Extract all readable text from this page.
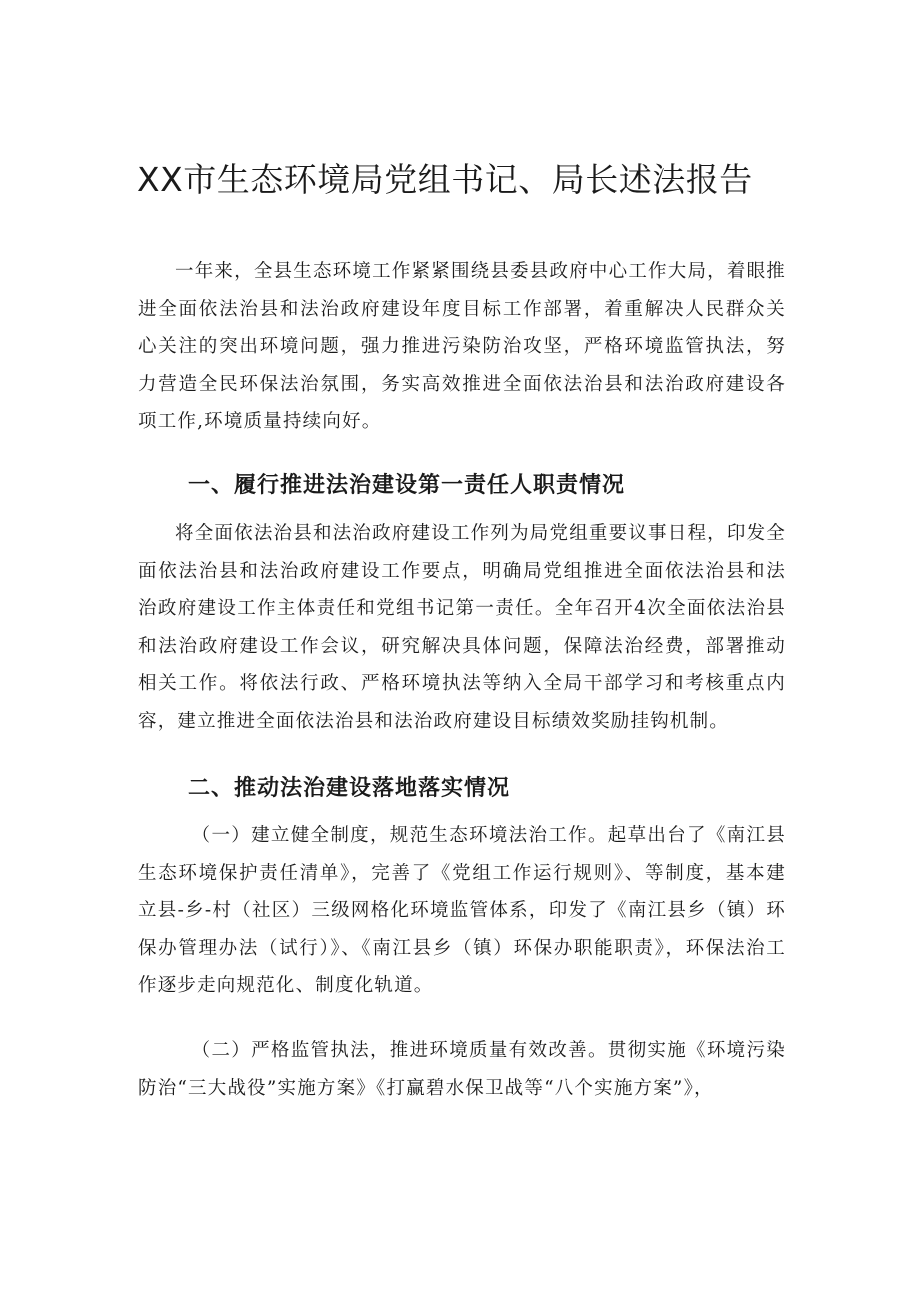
XX市生态环境局党组书记、局长述法报告

一年来，全县生态环境工作紧紧围绕县委县政府中心工作大局，着眼推进全面依法治县和法治政府建设年度目标工作部署，着重解决人民群众关心关注的突出环境问题，强力推进污染防治攻坚，严格环境监管执法，努力营造全民环保法治氛围，务实高效推进全面依法治县和法治政府建设各项工作,环境质量持续向好。

一、履行推进法治建设第一责任人职责情况

将全面依法治县和法治政府建设工作列为局党组重要议事日程，印发全面依法治县和法治政府建设工作要点，明确局党组推进全面依法治县和法治政府建设工作主体责任和党组书记第一责任。全年召开4次全面依法治县和法治政府建设工作会议，研究解决具体问题，保障法治经费，部署推动相关工作。将依法行政、严格环境执法等纳入全局干部学习和考核重点内容，建立推进全面依法治县和法治政府建设目标绩效奖励挂钩机制。

二、推动法治建设落地落实情况

（一）建立健全制度，规范生态环境法治工作。起草出台了《南江县生态环境保护责任清单》，完善了《党组工作运行规则》、等制度，基本建立县-乡-村（社区）三级网格化环境监管体系，印发了《南江县乡（镇）环保办管理办法（试行）》、《南江县乡（镇）环保办职能职责》，环保法治工作逐步走向规范化、制度化轨道。

（二）严格监管执法，推进环境质量有效改善。贯彻实施《环境污染防治“三大战役”实施方案》《打赢碧水保卫战等“八个实施方案”》，
